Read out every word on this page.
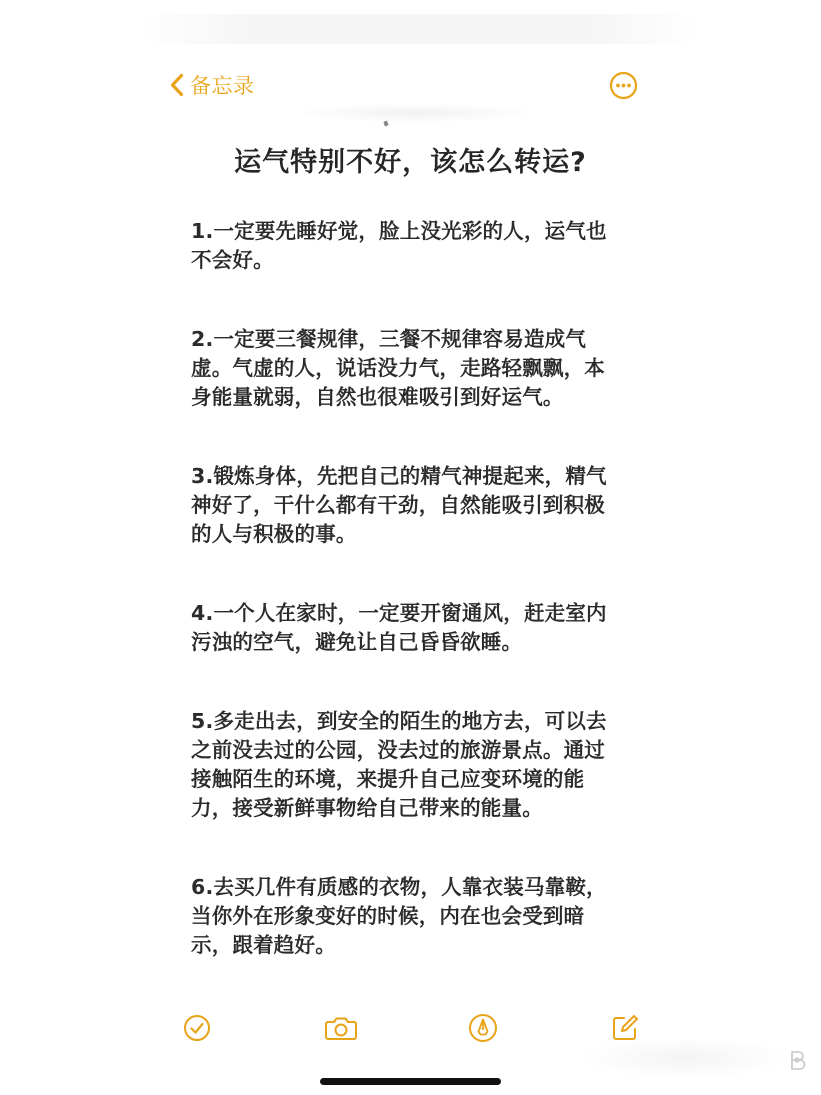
备忘录
运气特别不好，该怎么转运?

1.一定要先睡好觉，脸上没光彩的人，运气也不会好。

2.一定要三餐规律，三餐不规律容易造成气虚。气虚的人，说话没力气，走路轻飘飘，本身能量就弱，自然也很难吸引到好运气。

3.锻炼身体，先把自己的精气神提起来，精气神好了，干什么都有干劲，自然能吸引到积极的人与积极的事。

4.一个人在家时，一定要开窗通风，赶走室内污浊的空气，避免让自己昏昏欲睡。

5.多走出去，到安全的陌生的地方去，可以去之前没去过的公园，没去过的旅游景点。通过接触陌生的环境，来提升自己应变环境的能力，接受新鲜事物给自己带来的能量。

6.去买几件有质感的衣物，人靠衣装马靠鞍，当你外在形象变好的时候，内在也会受到暗示，跟着趋好。
